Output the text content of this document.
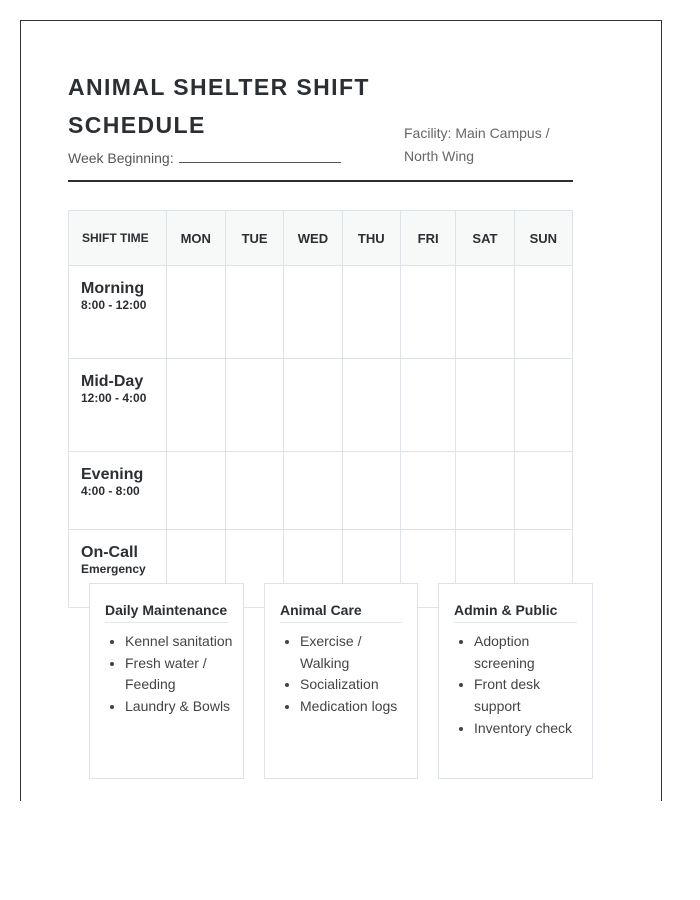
ANIMAL SHELTER SHIFT SCHEDULE
Week Beginning:
Facility: Main Campus / North Wing
SHIFT TIME	MON	TUE	WED	THU	FRI	SAT	SUN

Morning
8:00 - 12:00							

Mid-Day
12:00 - 4:00							

Evening
4:00 - 8:00							

On-Call
Emergency							

Daily Maintenance
• Kennel sanitation
• Fresh water / Feeding
• Laundry & Bowls
Animal Care
• Exercise / Walking
• Socialization
• Medication logs
Admin & Public
• Adoption screening
• Front desk support
• Inventory check
